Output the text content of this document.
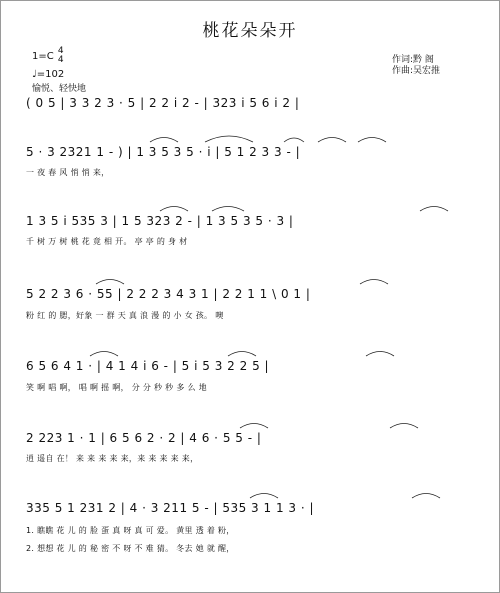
桃花朵朵开
1=C 4
4
♩=102
愉悦、轻快地
作词:黔 阁
作曲:吴宏推
( 0 5 | 3 3 2 3 · 5 | 2 2 i 2 - | 323 i 5 6 i 2 |
5 · 3 2321 1 - ) | 1 3 5 3 5 · i | 5 1 2 3 3 - |
一 夜 春 风 悄 悄 来，
1 3 5 i 535 3 | 1 5 323 2 - | 1 3 5 3 5 · 3 |
千 树 万 树 桃 花 竟 相 开。 亭 亭 的 身 材
5 2 2 3 6 · 55 | 2 2 2 3 4 3 1 | 2 2 1 1 \ 0 1 |
粉 红 的 腮，好象 一 群 天 真 浪 漫 的 小 女 孩。 噢
6 5 6 4 1 · | 4 1 4 i 6 - | 5 i 5 3 2 2 5 |
笑 啊 唱 啊， 唱 啊 摇 啊， 分 分 秒 秒 多 么 地
2 223 1 · 1 | 6 5 6 2 · 2 | 4 6 · 5 5 - |
逍 遥自 在！ 来 来 来 来 来，来 来 来 来 来，
335 5 1 231 2 | 4 · 3 211 5 - | 535 3 1 1 3 · |
1. 瞧瞧 花 儿 的 脸 蛋 真 呀 真 可 爱。 黄里 透 着 粉，
2. 想想 花 儿 的 秘 密 不 呀 不 难 猜。 冬去 她 就 醒，
